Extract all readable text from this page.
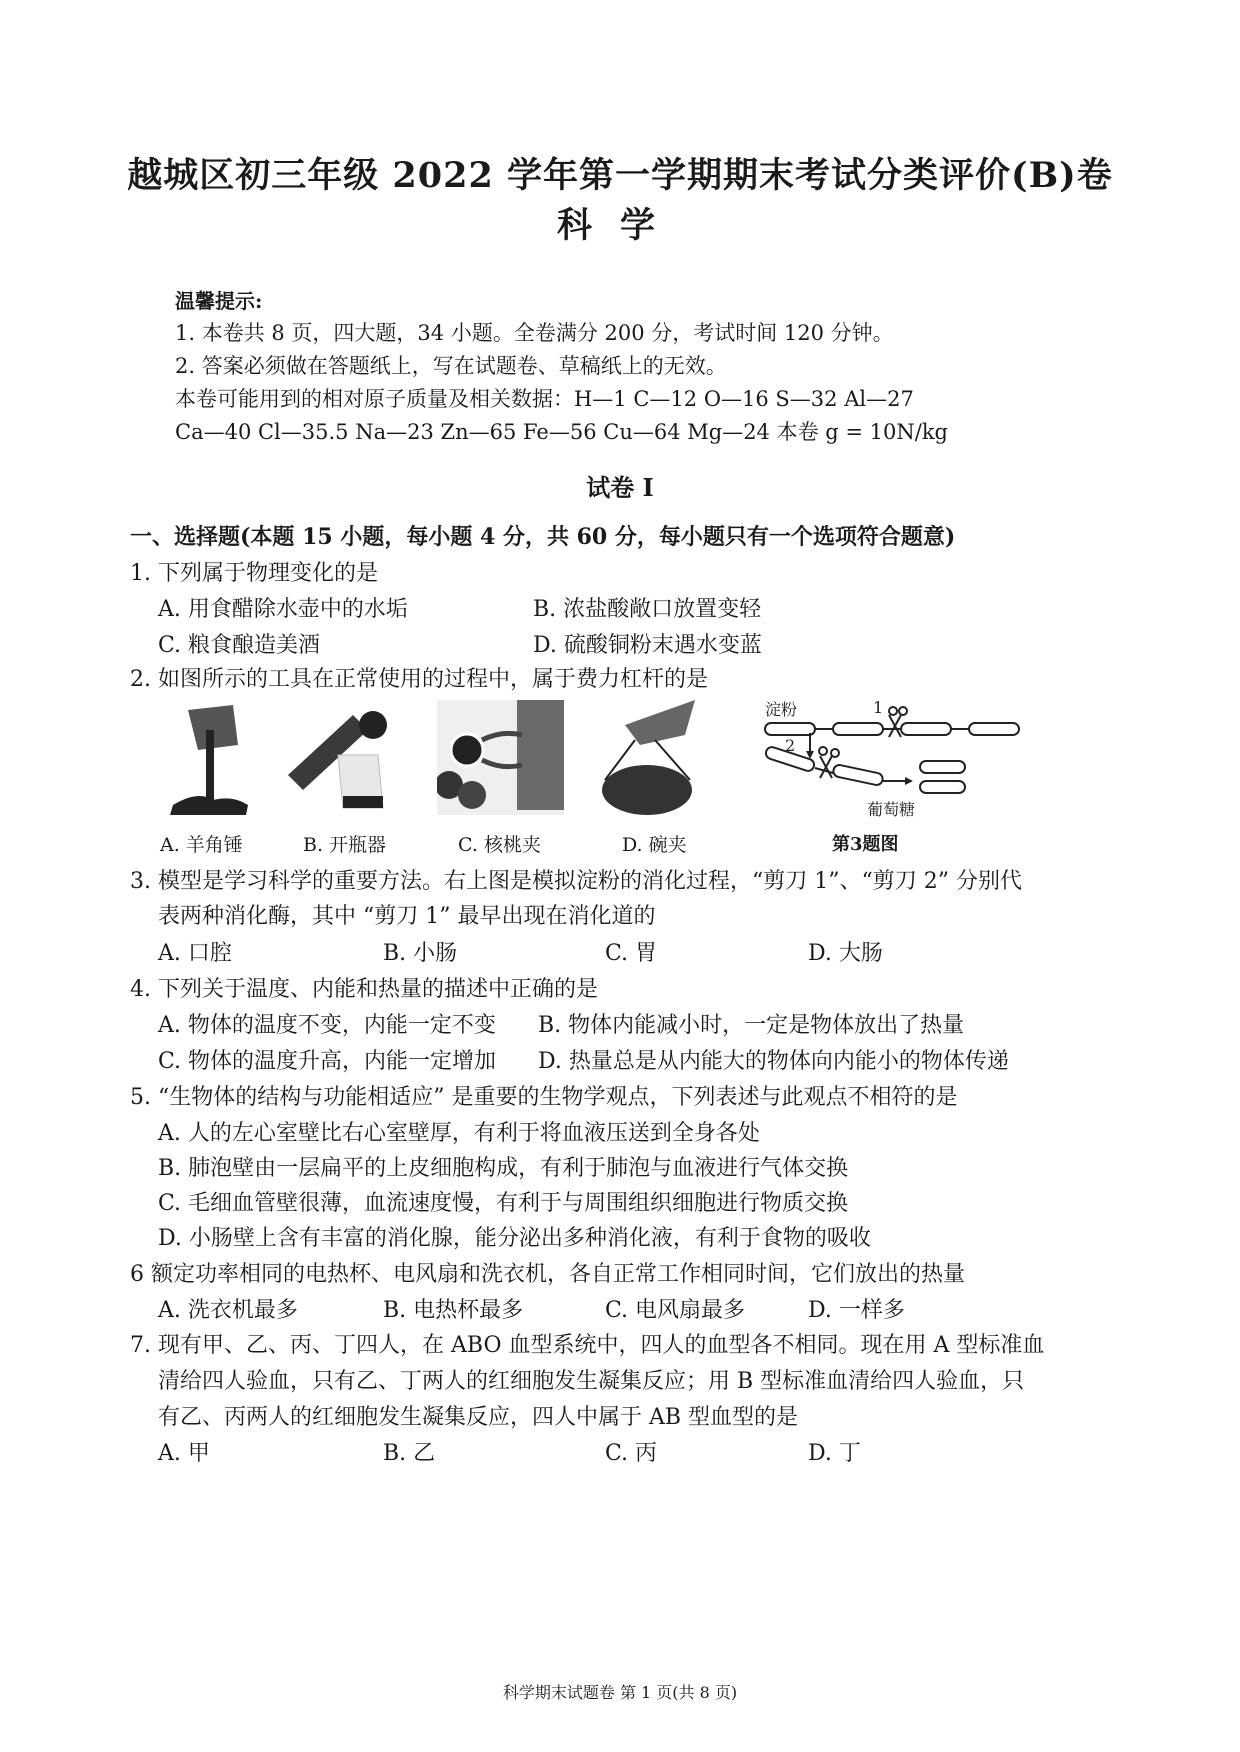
越城区初三年级 2022 学年第一学期期末考试分类评价(B)卷
科学
温馨提示:
1. 本卷共 8 页，四大题，34 小题。全卷满分 200 分，考试时间 120 分钟。
2. 答案必须做在答题纸上，写在试题卷、草稿纸上的无效。
本卷可能用到的相对原子质量及相关数据：H—1 C—12 O—16 S—32 Al—27
Ca—40 Cl—35.5 Na—23 Zn—65 Fe—56 Cu—64 Mg—24 本卷 g = 10N/kg
试卷 I
一、选择题(本题 15 小题，每小题 4 分，共 60 分，每小题只有一个选项符合题意)
1. 下列属于物理变化的是
A. 用食醋除水壶中的水垢	B. 浓盐酸敞口放置变轻
C. 粮食酿造美酒	D. 硫酸铜粉末遇水变蓝
2. 如图所示的工具在正常使用的过程中，属于费力杠杆的是
淀粉	1
2
葡萄糖
A. 羊角锤	B. 开瓶器	C. 核桃夹	D. 碗夹	第3题图
3. 模型是学习科学的重要方法。右上图是模拟淀粉的消化过程，“剪刀 1”、“剪刀 2” 分别代
表两种消化酶，其中 “剪刀 1” 最早出现在消化道的
A. 口腔	B. 小肠	C. 胃	D. 大肠
4. 下列关于温度、内能和热量的描述中正确的是
A. 物体的温度不变，内能一定不变 B. 物体内能减小时，一定是物体放出了热量
C. 物体的温度升高，内能一定增加 D. 热量总是从内能大的物体向内能小的物体传递
5. “生物体的结构与功能相适应” 是重要的生物学观点，下列表述与此观点不相符的是
A. 人的左心室壁比右心室壁厚，有利于将血液压送到全身各处
B. 肺泡壁由一层扁平的上皮细胞构成，有利于肺泡与血液进行气体交换
C. 毛细血管壁很薄，血流速度慢，有利于与周围组织细胞进行物质交换
D. 小肠壁上含有丰富的消化腺，能分泌出多种消化液，有利于食物的吸收
6 额定功率相同的电热杯、电风扇和洗衣机，各自正常工作相同时间，它们放出的热量
A. 洗衣机最多	B. 电热杯最多	C. 电风扇最多	D. 一样多
7. 现有甲、乙、丙、丁四人，在 ABO 血型系统中，四人的血型各不相同。现在用 A 型标准血
清给四人验血，只有乙、丁两人的红细胞发生凝集反应；用 B 型标准血清给四人验血，只
有乙、丙两人的红细胞发生凝集反应，四人中属于 AB 型血型的是
A. 甲	B. 乙	C. 丙	D. 丁
科学期末试题卷 第 1 页(共 8 页)
